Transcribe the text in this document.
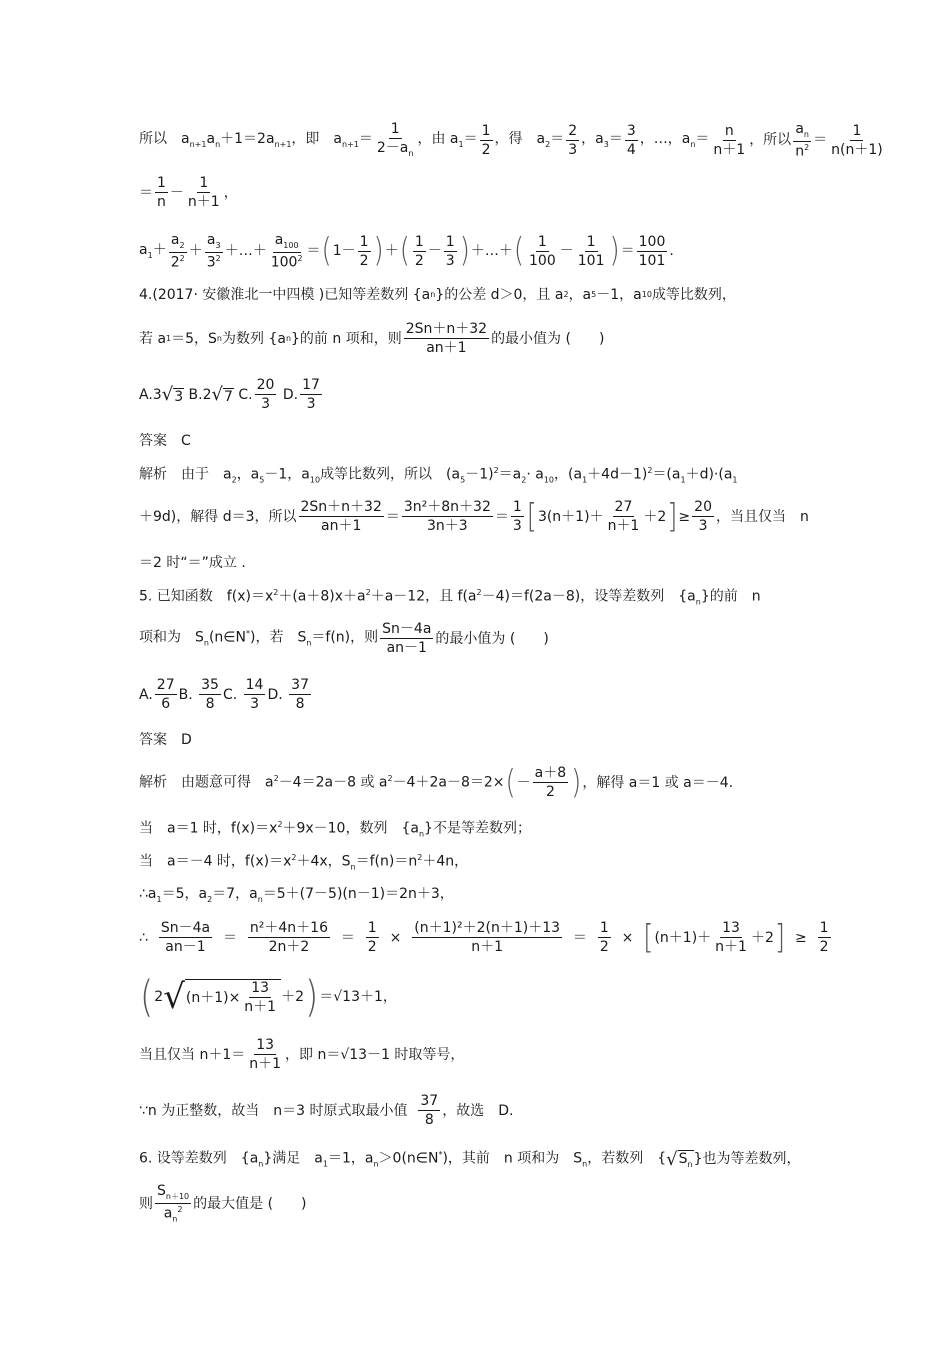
所以　$a_{n+1}a_n+1=2a_{n+1}$，即　$a_{n+1}= \frac{1}{2-a_n}$ ，由 $a_1= \frac{1}{2}$ ，得　$a_2= \frac{2}{3}$ ，$a_3= \frac{3}{4}$ ，…，$a_n= \frac{n}{n+1}$ ，所以 $\frac{a_n}{n^2} = \frac{1}{n(n+1)}$
＝ $\frac{1}{n} - \frac{1}{n+1}$ ，
$a_1+ \frac{a_2}{2^2} + \frac{a_3}{3^2}$ ＋…＋ $\frac{a_{100}}{100^2}$ ＝ ( $1- \frac{1}{2}$ ) ＋ ( $\frac{1}{2} - \frac{1}{3}$ ) ＋…＋ ( $\frac{1}{100} - \frac{1}{101}$ ) ＝ $\frac{100}{101}$ .
4.(2017· 安徽淮北一中四模 )已知等差数列 {a n }的公差 d＞0，且 a 2 ，a 5 －1，a 10 成等比数列，
若 a 1 ＝5，S n 为数列 {a n }的前 n 项和，则 $\frac{2Sn+n+32}{an+1}$ 的最小值为 (　　)
A.3 √ 3 B.2 √ 7 C. $\frac{20}{3} D$. $\frac{17}{3}$
答案　C
解析　由于　$a_2$，$a_5-1$，$a_{10}$成等比数列，所以　$(a_5-1)^2=a_2\cdot a_{10}$，$(a_1+4d-1)^2=(a_1+d)\cdot(a_1$
＋9d)，解得 d＝3，所以 $\frac{2Sn+n+32}{an+1} = \frac{\text{3n²＋8n＋32}}{3n+3} = \frac{1}{3}$ [ $3(n+1)+ \frac{27}{n+1} +2$ ] ≥ $\frac{20}{3}$ ，当且仅当　n
＝2 时“＝”成立 .
5. 已知函数　$f(x)=x^2+(a+8)x+a^2+a-12$，且 $f(a^2-4)=f(2a-8)$，设等差数列　$\{a_n\}$的前　n
项和为　$S_n(n\in N^*)$，若　$S_n=f(n)$，则 $\frac{Sn-4a}{an-1}$ 的最小值为 (　　)
A. $\frac{27}{6} B$.
$\frac{35}{8} C$.
$\frac{14}{3} D$.
$\frac{37}{8}$
答案　D
解析　由题意可得　$a^2-4=2a-8$ 或 $a^2-4+2a-8=2\times$ ( － $\frac{a+8}{2}$ ) ，解得 a＝1 或 a＝－4.
当　a＝1 时，$f(x)=x^2+9x-10$，数列　$\{a_n\}$不是等差数列；
当　a＝－4 时，$f(x)=x^2+4x$，$S_n=f(n)=n^2+4n$，
$\therefore a_1=5$，$a_2=7$，$a_n=5+(7-5)(n-1)=2n+3$，
∴
$\frac{Sn-4a}{an-1}$
＝
$\frac{\text{n²＋4n＋16}}{2n+2}$
＝
$\frac{1}{2}$
×
$\frac{\text{(n＋1)²＋2(n＋1)＋13}}{n+1}$
＝
$\frac{1}{2}$
×
[ $(n+1)+ \frac{13}{n+1} +2$ ]
≥
$\frac{1}{2}$
( 2 √ $(n+1)\times \frac{13}{n+1} +2$ ) ＝√13＋1，
当且仅当 $n+1= \frac{13}{n+1}$ ，即 n＝√13－1 时取等号，
∵n 为正整数，故当　n＝3 时原式取最小值
$\frac{37}{8}$ ，故选　D.
6. 设等差数列　$\{a_n\}$满足　$a_1=1$，$a_n>0(n\in N^*)$，其前　n 项和为　$S_n$，若数列　{ √ $S_n$ }也为等差数列，
则 $\frac{S_{n+10}}{a_n^2}$ 的最大值是 (　　)
